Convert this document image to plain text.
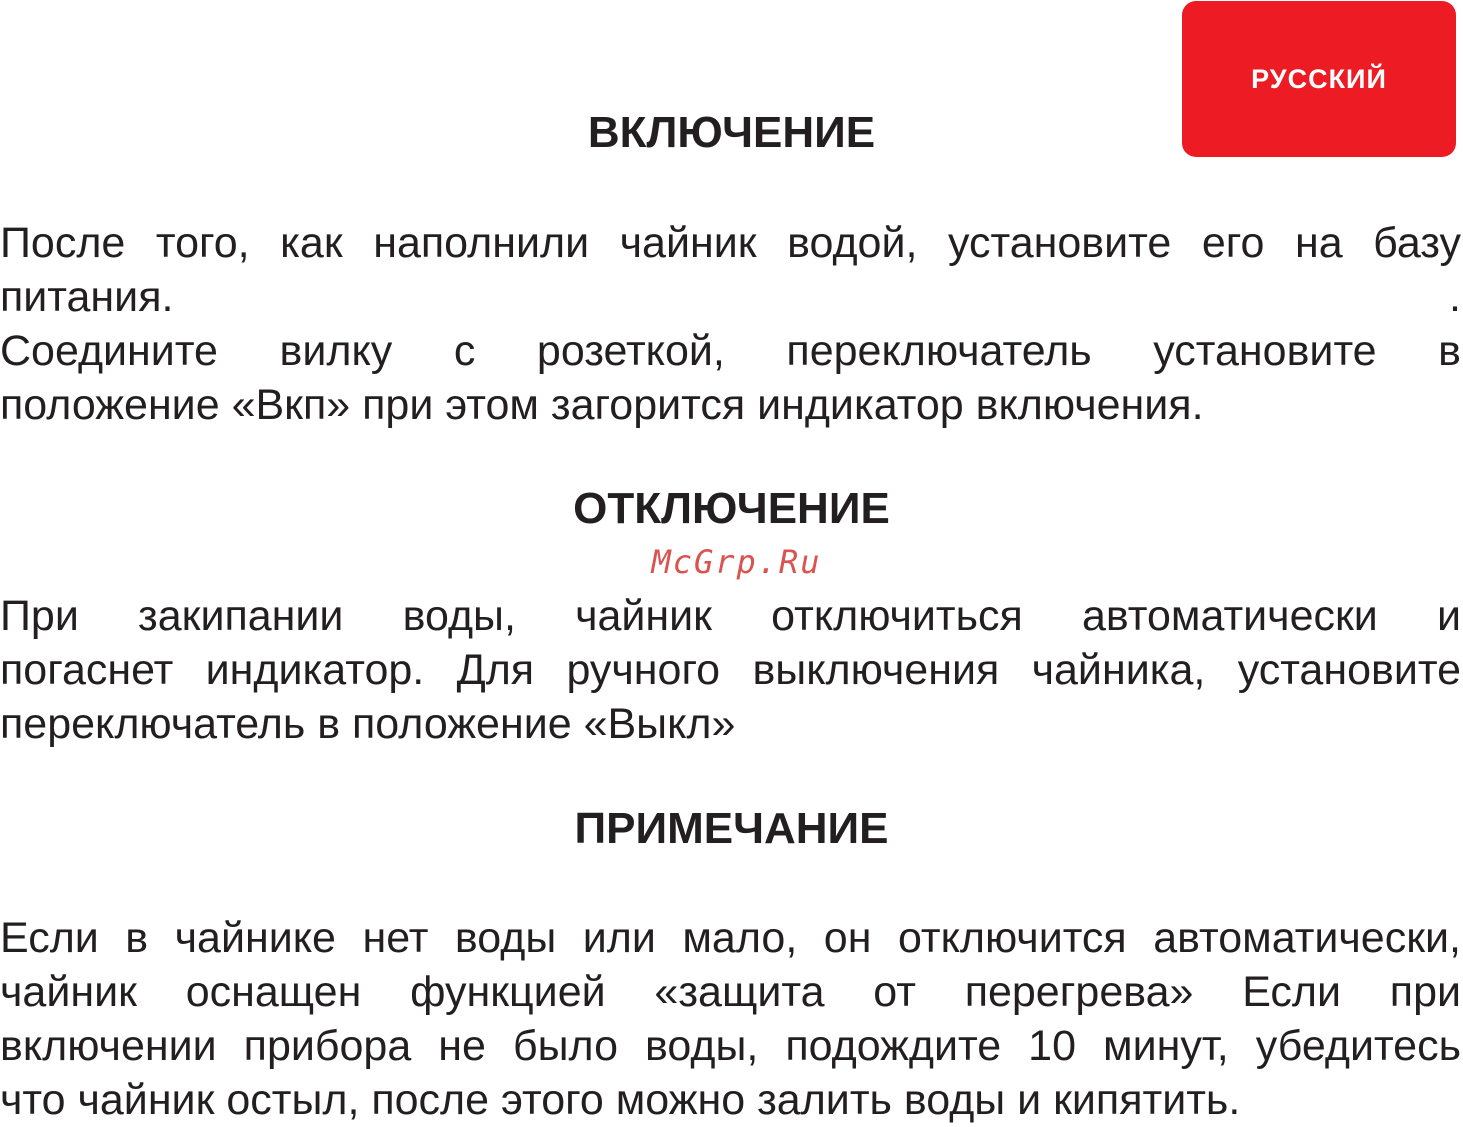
РУССКИЙ
ВКЛЮЧЕНИЕ
После того, как наполнили чайник водой, установите его на базу
питания. .
Соедините вилку с розеткой, переключатель установите в
положение «Вкп» при этом загорится индикатор включения.
ОТКЛЮЧЕНИЕ
McGrp.Ru
При закипании воды, чайник отключиться автоматически и
погаснет индикатор. Для ручного выключения чайника, установите
переключатель в положение «Выкл»
ПРИМЕЧАНИЕ
Если в чайнике нет воды или мало, он отключится автоматически,
чайник оснащен функцией «защита от перегрева» Если при
включении прибора не было воды, подождите 10 минут, убедитесь
что чайник остыл, после этого можно залить воды и кипятить.
